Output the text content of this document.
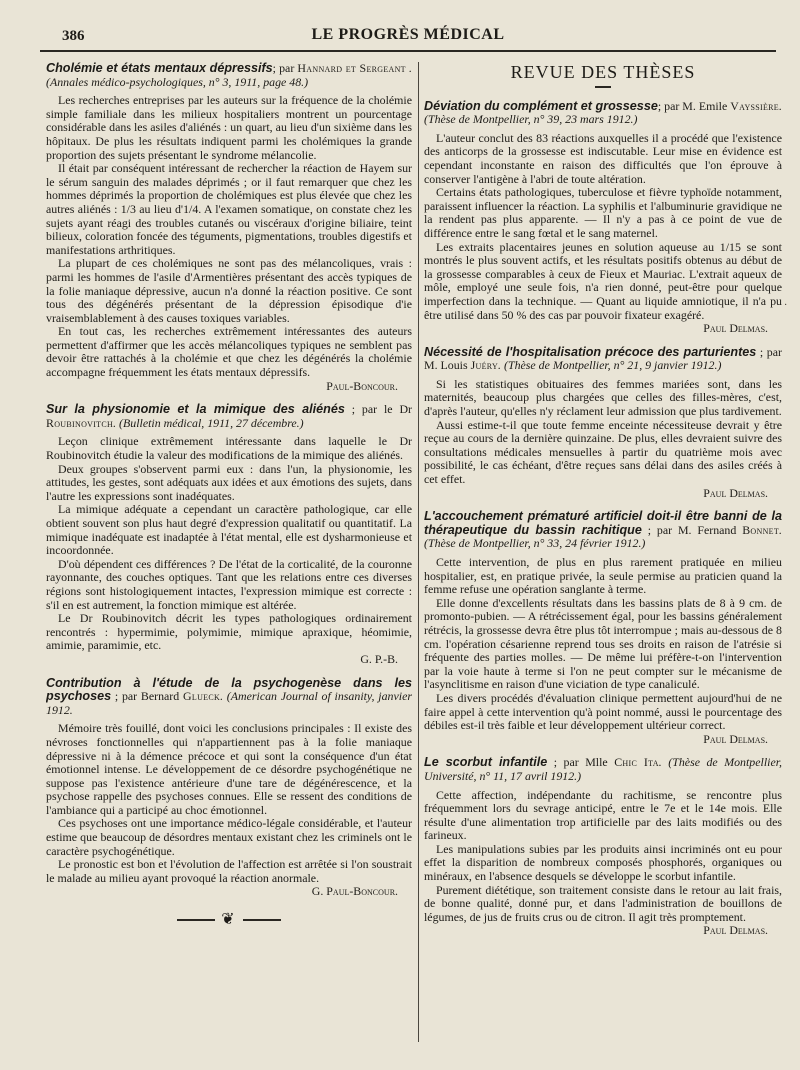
386	LE PROGRÈS MÉDICAL
·
Cholémie et états mentaux dépressifs; par Hannard et Sergeant . (Annales médico-psychologiques, n° 3, 1911, page 48.)

Les recherches entreprises par les auteurs sur la fréquence de la cholémie simple familiale dans les milieux hospitaliers montrent un pourcentage considérable dans les asiles d'aliénés : un quart, au lieu d'un sixième dans les hôpitaux. De plus les résultats indiquent parmi les cholémiques la grande proportion des sujets présentant le syndrome mélancolie.

Il était par conséquent intéressant de rechercher la réaction de Hayem sur le sérum sanguin des malades déprimés ; or il faut remarquer que chez les hommes déprimés la proportion de cholémiques est plus élevée que chez les autres aliénés : 1/3 au lieu d'1/4. A l'examen somatique, on constate chez les sujets ayant réagi des troubles cutanés ou viscéraux d'origine biliaire, teint bilieux, coloration foncée des téguments, pigmentations, troubles digestifs et manifestations arthritiques.

La plupart de ces cholémiques ne sont pas des mélancoliques, vrais : parmi les hommes de l'asile d'Armentières présentant des accès typiques de la folie maniaque dépressive, aucun n'a donné la réaction positive. Ce sont tous des dégénérés présentant de la dépression épisodique d'ie vraisemblablement à des causes toxiques variables.

En tout cas, les recherches extrêmement intéressantes des auteurs permettent d'affirmer que les accès mélancoliques typiques ne semblent pas devoir être rattachés à la cholémie et que chez les dégénérés la cholémie accompagne fréquemment les états mentaux dépressifs.

Paul-Boncour.

Sur la physionomie et la mimique des aliénés ; par le Dr Roubinovitch. (Bulletin médical, 1911, 27 décembre.)

Leçon clinique extrêmement intéressante dans laquelle le Dr Roubinovitch étudie la valeur des modifications de la mimique des aliénés.

Deux groupes s'observent parmi eux : dans l'un, la physionomie, les attitudes, les gestes, sont adéquats aux idées et aux émotions des sujets, dans l'autre les expressions sont inadéquates.

La mimique adéquate a cependant un caractère pathologique, car elle obtient souvent son plus haut degré d'expression qualitatif ou quantitatif. La mimique inadéquate est inadaptée à l'état mental, elle est dysharmonieuse et incoordonnée.

D'où dépendent ces différences ? De l'état de la corticalité, de la couronne rayonnante, des couches optiques. Tant que les relations entre ces diverses régions sont histologiquement intactes, l'expression mimique est correcte : s'il en est autrement, la fonction mimique est altérée.

Le Dr Roubinovitch décrit les types pathologiques ordinairement rencontrés : hypermimie, polymimie, mimique apraxique, héomimie, amimie, paramimie, etc.

G. P.-B.

Contribution à l'étude de la psychogenèse dans les psychoses ; par Bernard Glueck. (American Journal of insanity, janvier 1912.

Mémoire très fouillé, dont voici les conclusions principales : Il existe des névroses fonctionnelles qui n'appartiennent pas à la folie maniaque dépressive ni à la démence précoce et qui sont la conséquence d'un état émotionnel intense. Le développement de ce désordre psychogénétique ne suppose pas l'existence antérieure d'une tare de dégénérescence, et la psychose rappelle des psychoses connues. Elle se ressent des conditions de l'ambiance qui a participé au choc émotionnel.

Ces psychoses ont une importance médico-légale considérable, et l'auteur estime que beaucoup de désordres mentaux existant chez les criminels ont le caractère psychogénétique.

Le pronostic est bon et l'évolution de l'affection est arrêtée si l'on soustrait le malade au milieu ayant provoqué la réaction anormale.

G. Paul-Boncour.

❦
REVUE DES THÈSES
Déviation du complément et grossesse; par M. Emile Vayssière. (Thèse de Montpellier, n° 39, 23 mars 1912.)

L'auteur conclut des 83 réactions auxquelles il a procédé que l'existence des anticorps de la grossesse est indiscutable. Leur mise en évidence est cependant inconstante en raison des difficultés que l'on éprouve à conserver l'antigène à l'abri de toute altération.

Certains états pathologiques, tuberculose et fièvre typhoïde notamment, paraissent influencer la réaction. La syphilis et l'albuminurie gravidique ne la rendent pas plus apparente. — Il n'y a pas à ce point de vue de différence entre le sang fœtal et le sang maternel.

Les extraits placentaires jeunes en solution aqueuse au 1/15 se sont montrés le plus souvent actifs, et les résultats positifs obtenus au début de la grossesse comparables à ceux de Fieux et Mauriac. L'extrait aqueux de môle, employé une seule fois, n'a rien donné, peut-être pour quelque imperfection dans la technique. — Quant au liquide amniotique, il n'a pu être utilisé dans 50 % des cas par pouvoir fixateur exagéré.

Paul Delmas.

Nécessité de l'hospitalisation précoce des parturientes ; par M. Louis Juéry. (Thèse de Montpellier, n° 21, 9 janvier 1912.)

Si les statistiques obituaires des femmes mariées sont, dans les maternités, beaucoup plus chargées que celles des filles-mères, c'est, d'après l'auteur, qu'elles n'y réclament leur admission que plus tardivement.

Aussi estime-t-il que toute femme enceinte nécessiteuse devrait y être reçue au cours de la dernière quinzaine. De plus, elles devraient suivre des consultations médicales mensuelles à partir du quatrième mois avec possibilité, le cas échéant, d'être reçues sans délai dans des asiles créés à cet effet.

Paul Delmas.

L'accouchement prématuré artificiel doit-il être banni de la thérapeutique du bassin rachitique ; par M. Fernand Bonnet. (Thèse de Montpellier, n° 33, 24 février 1912.)

Cette intervention, de plus en plus rarement pratiquée en milieu hospitalier, est, en pratique privée, la seule permise au praticien quand la femme refuse une opération sanglante à terme.

Elle donne d'excellents résultats dans les bassins plats de 8 à 9 cm. de promonto-pubien. — A rétrécissement égal, pour les bassins généralement rétrécis, la grossesse devra être plus tôt interrompue ; mais au-dessous de 8 cm. l'opération césarienne reprend tous ses droits en raison de l'atrésie si fréquente des parties molles. — De même lui préfère-t-on l'intervention par la voie haute à terme si l'on ne peut compter sur le mécanisme de l'asynclitisme en raison d'une viciation de type canaliculé.

Les divers procédés d'évaluation clinique permettent aujourd'hui de ne faire appel à cette intervention qu'à point nommé, aussi le pourcentage des débiles est-il très faible et leur développement ultérieur correct.

Paul Delmas.

Le scorbut infantile ; par Mlle Chic Ita. (Thèse de Montpellier, Université, n° 11, 17 avril 1912.)

Cette affection, indépendante du rachitisme, se rencontre plus fréquemment lors du sevrage anticipé, entre le 7e et le 14e mois. Elle résulte d'une alimentation trop artificielle par des laits modifiés ou des farineux.

Les manipulations subies par les produits ainsi incriminés ont eu pour effet la disparition de nombreux composés phosphorés, organiques ou minéraux, en l'absence desquels se développe le scorbut infantile.

Purement diététique, son traitement consiste dans le retour au lait frais, de bonne qualité, donné pur, et dans l'administration de bouillons de légumes, de jus de fruits crus ou de citron. Il agit très promptement.

Paul Delmas.
